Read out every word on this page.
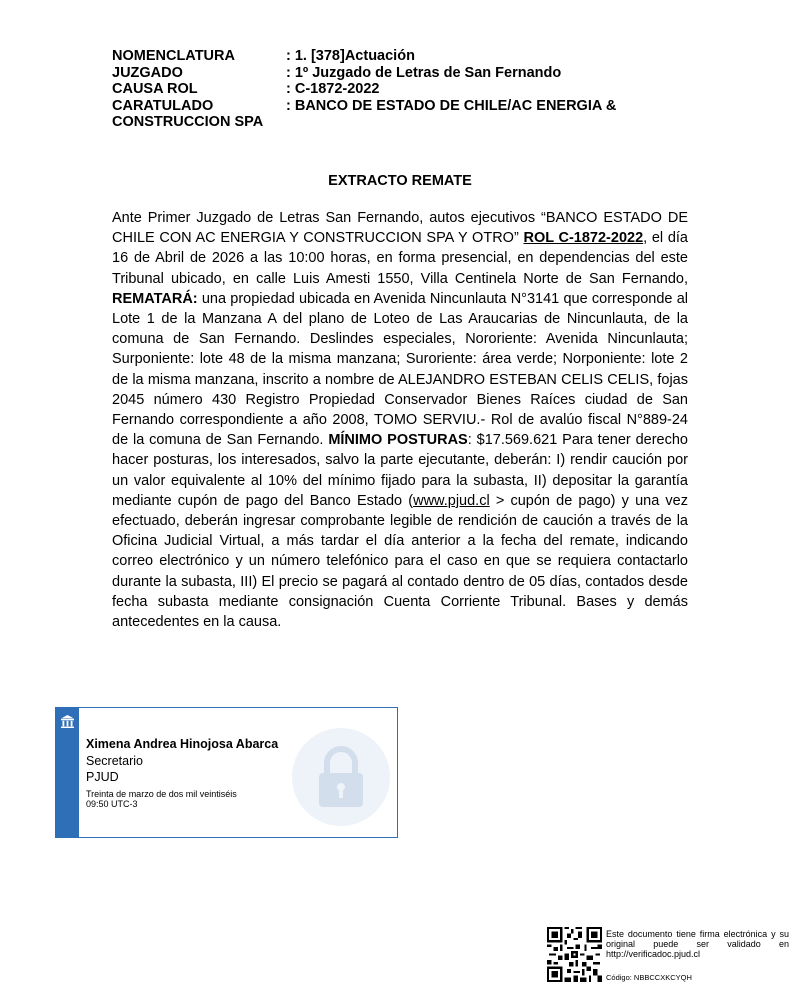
NOMENCLATURA	: 1. [378]Actuación
JUZGADO	: 1º Juzgado de Letras de San Fernando
CAUSA ROL	: C-1872-2022
CARATULADO	: BANCO DE ESTADO DE CHILE/AC ENERGIA &
CONSTRUCCION SPA
EXTRACTO REMATE
Ante Primer Juzgado de Letras San Fernando, autos ejecutivos “BANCO ESTADO DE CHILE CON AC ENERGIA Y CONSTRUCCION SPA Y OTRO” ROL C-1872-2022, el día 16 de Abril de 2026 a las 10:00 horas, en forma presencial, en dependencias del este Tribunal ubicado, en calle Luis Amesti 1550, Villa Centinela Norte de San Fernando, REMATARÁ: una propiedad ubicada en Avenida Nincunlauta N°3141 que corresponde al Lote 1 de la Manzana A del plano de Loteo de Las Araucarias de Nincunlauta, de la comuna de San Fernando. Deslindes especiales, Nororiente: Avenida Nincunlauta; Surponiente: lote 48 de la misma manzana; Suroriente: área verde; Norponiente: lote 2 de la misma manzana, inscrito a nombre de ALEJANDRO ESTEBAN CELIS CELIS, fojas 2045 número 430 Registro Propiedad Conservador Bienes Raíces ciudad de San Fernando correspondiente a año 2008, TOMO SERVIU.- Rol de avalúo fiscal N°889-24 de la comuna de San Fernando. MÍNIMO POSTURAS: $17.569.621 Para tener derecho hacer posturas, los interesados, salvo la parte ejecutante, deberán: I) rendir caución por un valor equivalente al 10% del mínimo fijado para la subasta, II) depositar la garantía mediante cupón de pago del Banco Estado (www.pjud.cl > cupón de pago) y una vez efectuado, deberán ingresar comprobante legible de rendición de caución a través de la Oficina Judicial Virtual, a más tardar el día anterior a la fecha del remate, indicando correo electrónico y un número telefónico para el caso en que se requiera contactarlo durante la subasta, III) El precio se pagará al contado dentro de 05 días, contados desde fecha subasta mediante consignación Cuenta Corriente Tribunal. Bases y demás antecedentes en la causa.
Ximena Andrea Hinojosa Abarca
Secretario
PJUD
Treinta de marzo de dos mil veintiséis
09:50 UTC-3
Este documento tiene firma electrónica y su original puede ser validado en http://verificadoc.pjud.cl
Código: NBBCCXKCYQH
